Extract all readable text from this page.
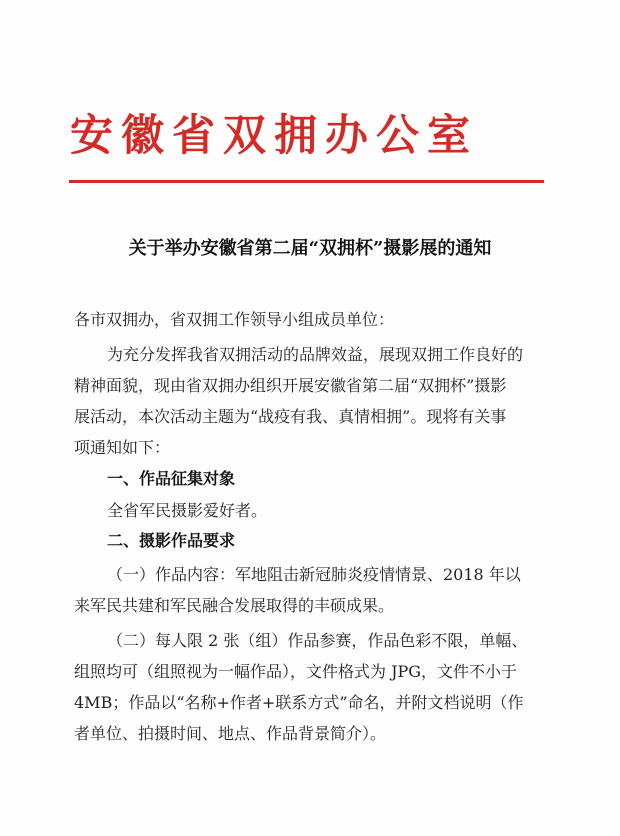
安徽省双拥办公室
关于举办安徽省第二届“双拥杯”摄影展的通知
各市双拥办，省双拥工作领导小组成员单位：
为充分发挥我省双拥活动的品牌效益，展现双拥工作良好的
精神面貌，现由省双拥办组织开展安徽省第二届“双拥杯”摄影
展活动，本次活动主题为“战疫有我、真情相拥”。现将有关事
项通知如下：
一、作品征集对象
全省军民摄影爱好者。
二、摄影作品要求
（一）作品内容：军地阻击新冠肺炎疫情情景、2018 年以
来军民共建和军民融合发展取得的丰硕成果。
（二）每人限 2 张（组）作品参赛，作品色彩不限，单幅、
组照均可（组照视为一幅作品），文件格式为 JPG，文件不小于
4MB；作品以“名称+作者+联系方式”命名，并附文档说明（作
者单位、拍摄时间、地点、作品背景简介）。
